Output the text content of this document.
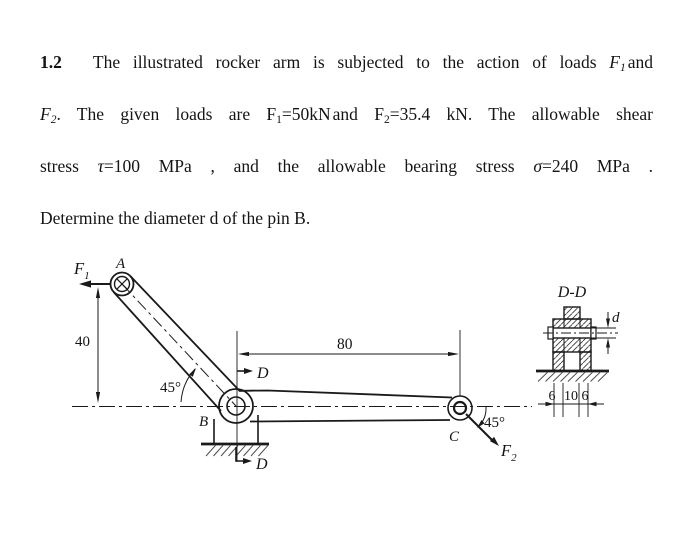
1.2 The illustrated rocker arm is subjected to the action of loads $F_1$ and
$F_2$. The given loads are $F_1=50kN$ and $F_2=35.4$ kN. The allowable shear
stress τ=100 MPa , and the allowable bearing stress σ=240 MPa .
Determine the diameter d of the pin B.
A
B
C
D
D
$F_1$
$F_2$
40	80
45°
45°
D-D
d
6 10 6
